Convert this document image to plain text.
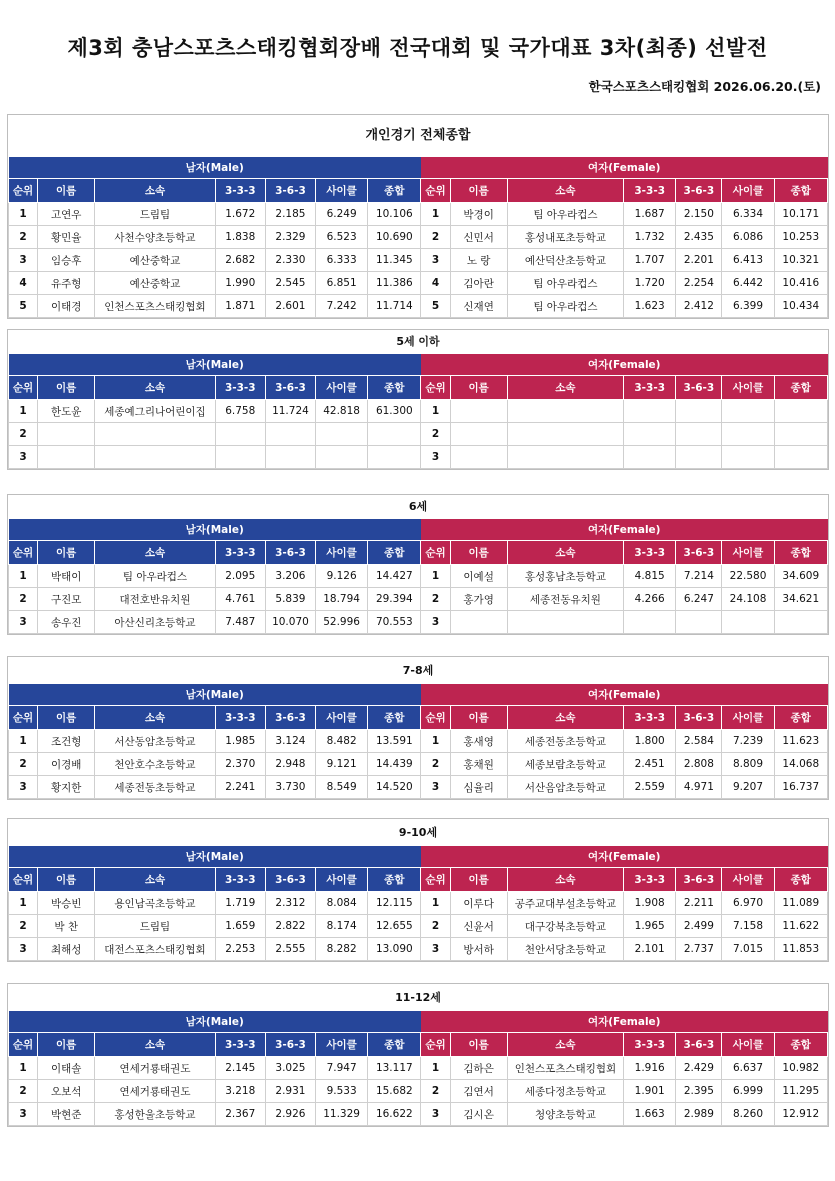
제3회 충남스포츠스태킹협회장배 전국대회 및 국가대표 3차(최종) 선발전
한국스포츠스태킹협회 2026.06.20.(토)
개인경기 전체종합
남자(Male)							여자(Female)						
순위	이름	소속	3-3-3	3-6-3	사이클	종합	순위	이름	소속	3-3-3	3-6-3	사이클	종합
1	고연우	드림팀	1.672	2.185	6.249	10.106	1	박경이	팀 아우라컵스	1.687	2.150	6.334	10.171
2	황민율	사천수양초등학교	1.838	2.329	6.523	10.690	2	신민서	홍성내포초등학교	1.732	2.435	6.086	10.253
3	임승후	예산중학교	2.682	2.330	6.333	11.345	3	노 랑	예산덕산초등학교	1.707	2.201	6.413	10.321
4	유주형	예산중학교	1.990	2.545	6.851	11.386	4	김아란	팀 아우라컵스	1.720	2.254	6.442	10.416
5	이태경	인천스포츠스태킹협회	1.871	2.601	7.242	11.714	5	신재연	팀 아우라컵스	1.623	2.412	6.399	10.434
5세 이하
남자(Male)							여자(Female)						
순위	이름	소속	3-3-3	3-6-3	사이클	종합	순위	이름	소속	3-3-3	3-6-3	사이클	종합
1	한도윤	세종예그리나어린이집	6.758	11.724	42.818	61.300	1						
2							2						
3							3						
6세
남자(Male)							여자(Female)						
순위	이름	소속	3-3-3	3-6-3	사이클	종합	순위	이름	소속	3-3-3	3-6-3	사이클	종합
1	박태이	팀 아우라컵스	2.095	3.206	9.126	14.427	1	이예설	홍성홍남초등학교	4.815	7.214	22.580	34.609
2	구진모	대전호반유치원	4.761	5.839	18.794	29.394	2	홍가영	세종전동유치원	4.266	6.247	24.108	34.621
3	송우진	아산신리초등학교	7.487	10.070	52.996	70.553	3						
7-8세
남자(Male)							여자(Female)						
순위	이름	소속	3-3-3	3-6-3	사이클	종합	순위	이름	소속	3-3-3	3-6-3	사이클	종합
1	조건형	서산동암초등학교	1.985	3.124	8.482	13.591	1	홍새영	세종전동초등학교	1.800	2.584	7.239	11.623
2	이경배	천안호수초등학교	2.370	2.948	9.121	14.439	2	홍채원	세종보람초등학교	2.451	2.808	8.809	14.068
3	황지한	세종전동초등학교	2.241	3.730	8.549	14.520	3	심율리	서산음암초등학교	2.559	4.971	9.207	16.737
9-10세
남자(Male)							여자(Female)						
순위	이름	소속	3-3-3	3-6-3	사이클	종합	순위	이름	소속	3-3-3	3-6-3	사이클	종합
1	박승빈	용인남곡초등학교	1.719	2.312	8.084	12.115	1	이루다	공주교대부설초등학교	1.908	2.211	6.970	11.089
2	박 찬	드림팀	1.659	2.822	8.174	12.655	2	신윤서	대구강북초등학교	1.965	2.499	7.158	11.622
3	최해성	대전스포츠스태킹협회	2.253	2.555	8.282	13.090	3	방서하	천안서당초등학교	2.101	2.737	7.015	11.853
11-12세
남자(Male)							여자(Female)						
순위	이름	소속	3-3-3	3-6-3	사이클	종합	순위	이름	소속	3-3-3	3-6-3	사이클	종합
1	이태솔	연세거룡태권도	2.145	3.025	7.947	13.117	1	김하은	인천스포츠스태킹협회	1.916	2.429	6.637	10.982
2	오보석	연세거룡태권도	3.218	2.931	9.533	15.682	2	김연서	세종다정초등학교	1.901	2.395	6.999	11.295
3	박현준	홍성한울초등학교	2.367	2.926	11.329	16.622	3	김시온	청양초등학교	1.663	2.989	8.260	12.912
